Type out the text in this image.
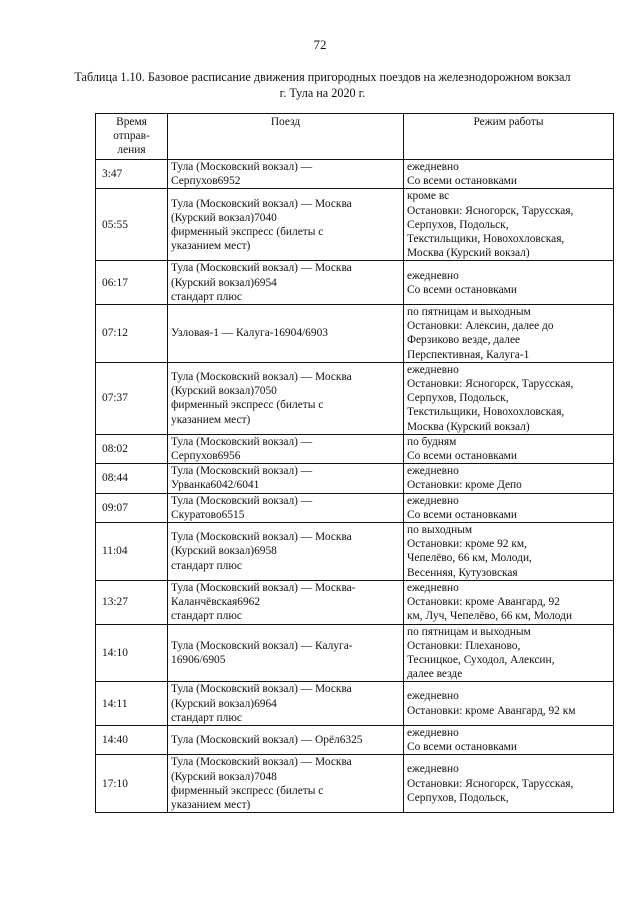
72
Таблица 1.10. Базовое расписание движения пригородных поездов на железнодорожном вокзал г. Тула на 2020 г.
Время
отправ-
ления	Поезд	Режим работы
3:47	Тула (Московский вокзал) —
Серпухов6952	ежедневно
Со всеми остановками
05:55	Тула (Московский вокзал) — Москва
(Курский вокзал)7040
фирменный экспресс (билеты с
указанием мест)	кроме вс
Остановки: Ясногорск, Тарусская,
Серпухов, Подольск,
Текстильщики, Новохохловская,
Москва (Курский вокзал)
06:17	Тула (Московский вокзал) — Москва
(Курский вокзал)6954
стандарт плюс	ежедневно
Со всеми остановками
07:12	Узловая-1 — Калуга-16904/6903	по пятницам и выходным
Остановки: Алексин, далее до
Ферзиково везде, далее
Перспективная, Калуга-1
07:37	Тула (Московский вокзал) — Москва
(Курский вокзал)7050
фирменный экспресс (билеты с
указанием мест)	ежедневно
Остановки: Ясногорск, Тарусская,
Серпухов, Подольск,
Текстильщики, Новохохловская,
Москва (Курский вокзал)
08:02	Тула (Московский вокзал) —
Серпухов6956	по будням
Со всеми остановками
08:44	Тула (Московский вокзал) —
Урванка6042/6041	ежедневно
Остановки: кроме Депо
09:07	Тула (Московский вокзал) —
Скуратово6515	ежедневно
Со всеми остановками
11:04	Тула (Московский вокзал) — Москва
(Курский вокзал)6958
стандарт плюс	по выходным
Остановки: кроме 92 км,
Чепелёво, 66 км, Молоди,
Весенняя, Кутузовская
13:27	Тула (Московский вокзал) — Москва-
Каланчёвская6962
стандарт плюс	ежедневно
Остановки: кроме Авангард, 92
км, Луч, Чепелёво, 66 км, Молоди
14:10	Тула (Московский вокзал) — Калуга-
16906/6905	по пятницам и выходным
Остановки: Плеханово,
Тесницкое, Суходол, Алексин,
далее везде
14:11	Тула (Московский вокзал) — Москва
(Курский вокзал)6964
стандарт плюс	ежедневно
Остановки: кроме Авангард, 92 км
14:40	Тула (Московский вокзал) — Орёл6325	ежедневно
Со всеми остановками
17:10	Тула (Московский вокзал) — Москва
(Курский вокзал)7048
фирменный экспресс (билеты с
указанием мест)	ежедневно
Остановки: Ясногорск, Тарусская,
Серпухов, Подольск,
